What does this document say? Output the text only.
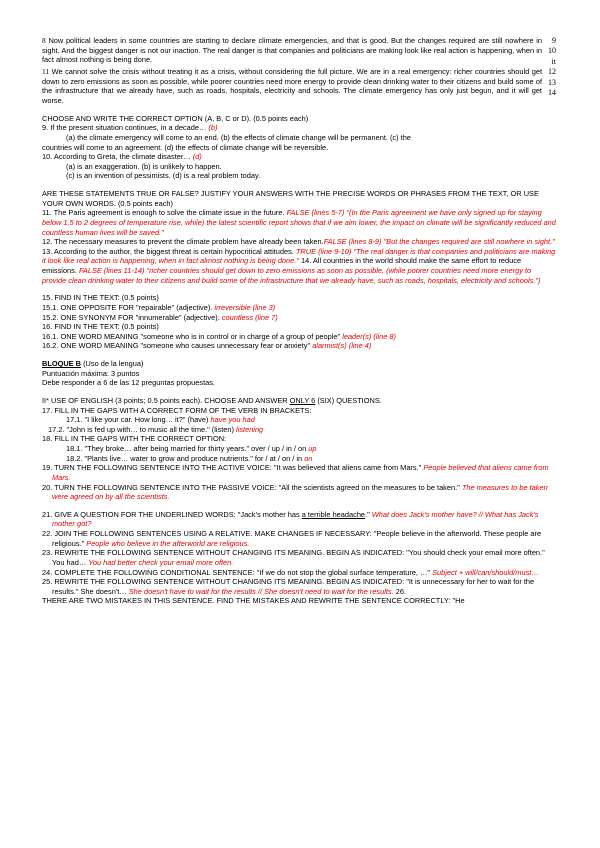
8 Now political leaders in some countries are starting to declare climate emergencies, and that is good. But the changes required are still nowhere in sight. And the biggest danger is not our inaction. The real danger is that companies and politicians are making look like real action is happening, when in fact almost nothing is being done.
9
10 it
11 We cannot solve the crisis without treating it as a crisis, without considering the full picture. We are in a real emergency: richer countries should get down to zero emissions as soon as possible, while poorer countries need more energy to provide clean drinking water to their citizens and build some of the infrastructure that we already have, such as roads, hospitals, electricity and schools. The climate emergency has only just begun, and it will get worse.
12
13
14

CHOOSE AND WRITE THE CORRECT OPTION (A, B, C or D). (0.5 points each)

9. If the present situation continues, in a decade… (b)

(a) the climate emergency will come to an end. (b) the effects of climate change will be permanent. (c) the

countries will come to an agreement. (d) the effects of climate change will be reversible.

10. According to Greta, the climate disaster… (d)

(a) is an exaggeration. (b) is unlikely to happen.

(c) is an invention of pessimists. (d) is a real problem today.

ARE THESE STATEMENTS TRUE OR FALSE? JUSTIFY YOUR ANSWERS WITH THE PRECISE WORDS OR PHRASES FROM THE TEXT, OR USE YOUR OWN WORDS. (0.5 points each)

11. The Paris agreement is enough to solve the climate issue in the future. FALSE (lines 5-7) "(In the Paris agreement we have only signed up for staying below 1.5 to 2 degrees of temperature rise, while) the latest scientific report shows that if we aim lower, the impact on climate will be significantly reduced and countless human lives will be saved."

12. The necessary measures to prevent the climate problem have already been taken.FALSE (lines 8-9) "But the changes required are still nowhere in sight."

13. According to the author, the biggest threat is certain hypocritical attitudes. TRUE (line 9-10) "The real danger is that companies and politicians are making it look like real action is happening, when in fact almost nothing is being done." 14. All countries in the world should make the same effort to reduce emissions. FALSE (lines 11-14) "richer countries should get down to zero emissions as soon as possible, (while poorer countries need more energy to provide clean drinking water to their citizens and build some of the infrastructure that we already have, such as roads, hospitals, electricity and schools.")

15. FIND IN THE TEXT: (0.5 points)

15.1. ONE OPPOSITE FOR "repairable" (adjective). irreversible (line 3)

15.2. ONE SYNONYM FOR "innumerable" (adjective). countless (line 7)

16. FIND IN THE TEXT: (0.5 points)

16.1. ONE WORD MEANING "someone who is in control or in charge of a group of people" leader(s) (line 8)

16.2. ONE WORD MEANING "someone who causes unnecessary fear or anxiety" alarmist(s) (line 4)

BLOQUE B (Uso de la lengua)

Puntuación máxima: 3 puntos

Debe responder a 6 de las 12 preguntas propuestas.

II* USE OF ENGLISH (3 points; 0.5 points each). CHOOSE AND ANSWER ONLY 6 (SIX) QUESTIONS.

17. FILL IN THE GAPS WITH A CORRECT FORM OF THE VERB IN BRACKETS:

17.1. "I like your car. How long… it?" (have) have you had

17.2. "John is fed up with… to music all the time." (listen) listening

18. FILL IN THE GAPS WITH THE CORRECT OPTION:

18.1. "They broke… after being married for thirty years." over / up / in / on up

18.2. "Plants live… water to grow and produce nutrients." for / at / on / in on

19. TURN THE FOLLOWING SENTENCE INTO THE ACTIVE VOICE: "It was believed that aliens came from Mars." People believed that aliens came from Mars.

20. TURN THE FOLLOWING SENTENCE INTO THE PASSIVE VOICE: "All the scientists agreed on the measures to be taken." The measures to be taken were agreed on by all the scientists.

21. GIVE A QUESTION FOR THE UNDERLINED WORDS: "Jack's mother has a terrible headache." What does Jack's mother have? // What has Jack's mother got?

22. JOIN THE FOLLOWING SENTENCES USING A RELATIVE. MAKE CHANGES IF NECESSARY: "People believe in the afterworld. These people are religious." People who believe in the afterworld are religious.

23. REWRITE THE FOLLOWING SENTENCE WITHOUT CHANGING ITS MEANING. BEGIN AS INDICATED: "You should check your email more often." You had… You had better check your email more often.

24. COMPLETE THE FOLLOWING CONDITIONAL SENTENCE: "If we do not stop the global surface temperature, …" Subject + will/can/should/must…

25. REWRITE THE FOLLOWING SENTENCE WITHOUT CHANGING ITS MEANING. BEGIN AS INDICATED: "It is unnecessary for her to wait for the results." She doesn't… She doesn't have to wait for the results // She doesn't need to wait for the results. 26.

THERE ARE TWO MISTAKES IN THIS SENTENCE. FIND THE MISTAKES AND REWRITE THE SENTENCE CORRECTLY: "He
